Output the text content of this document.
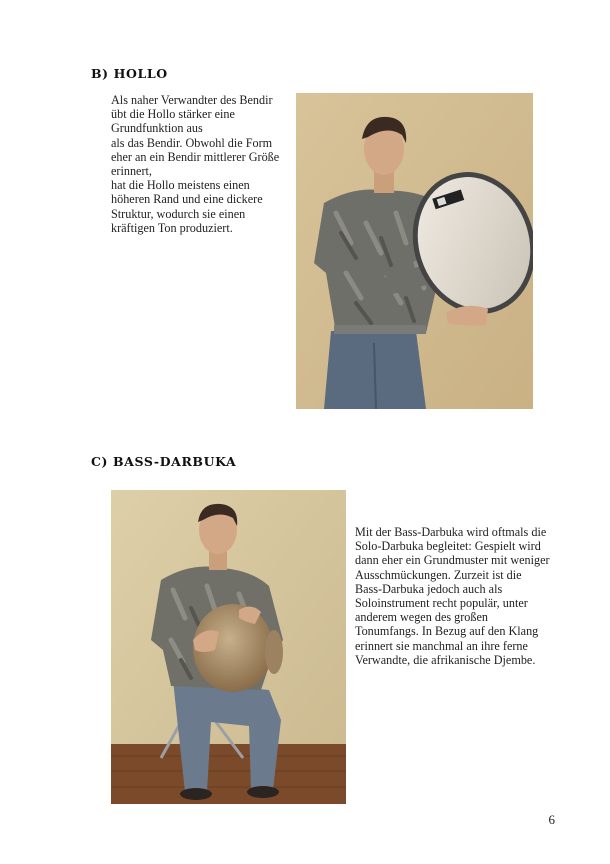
B) HOLLO
Als naher Verwandter des Bendir
übt die Hollo stärker eine
Grundfunktion aus
als das Bendir. Obwohl die Form
eher an ein Bendir mittlerer Größe
erinnert,
hat die Hollo meistens einen
höheren Rand und eine dickere
Struktur, wodurch sie einen
kräftigen Ton produziert.
C) BASS-DARBUKA
Mit der Bass-Darbuka wird oftmals die
Solo-Darbuka begleitet: Gespielt wird
dann eher ein Grundmuster mit weniger
Ausschmückungen. Zurzeit ist die
Bass-Darbuka jedoch auch als
Soloinstrument recht populär, unter
anderem wegen des großen
Tonumfangs. In Bezug auf den Klang
erinnert sie manchmal an ihre ferne
Verwandte, die afrikanische Djembe.
6
